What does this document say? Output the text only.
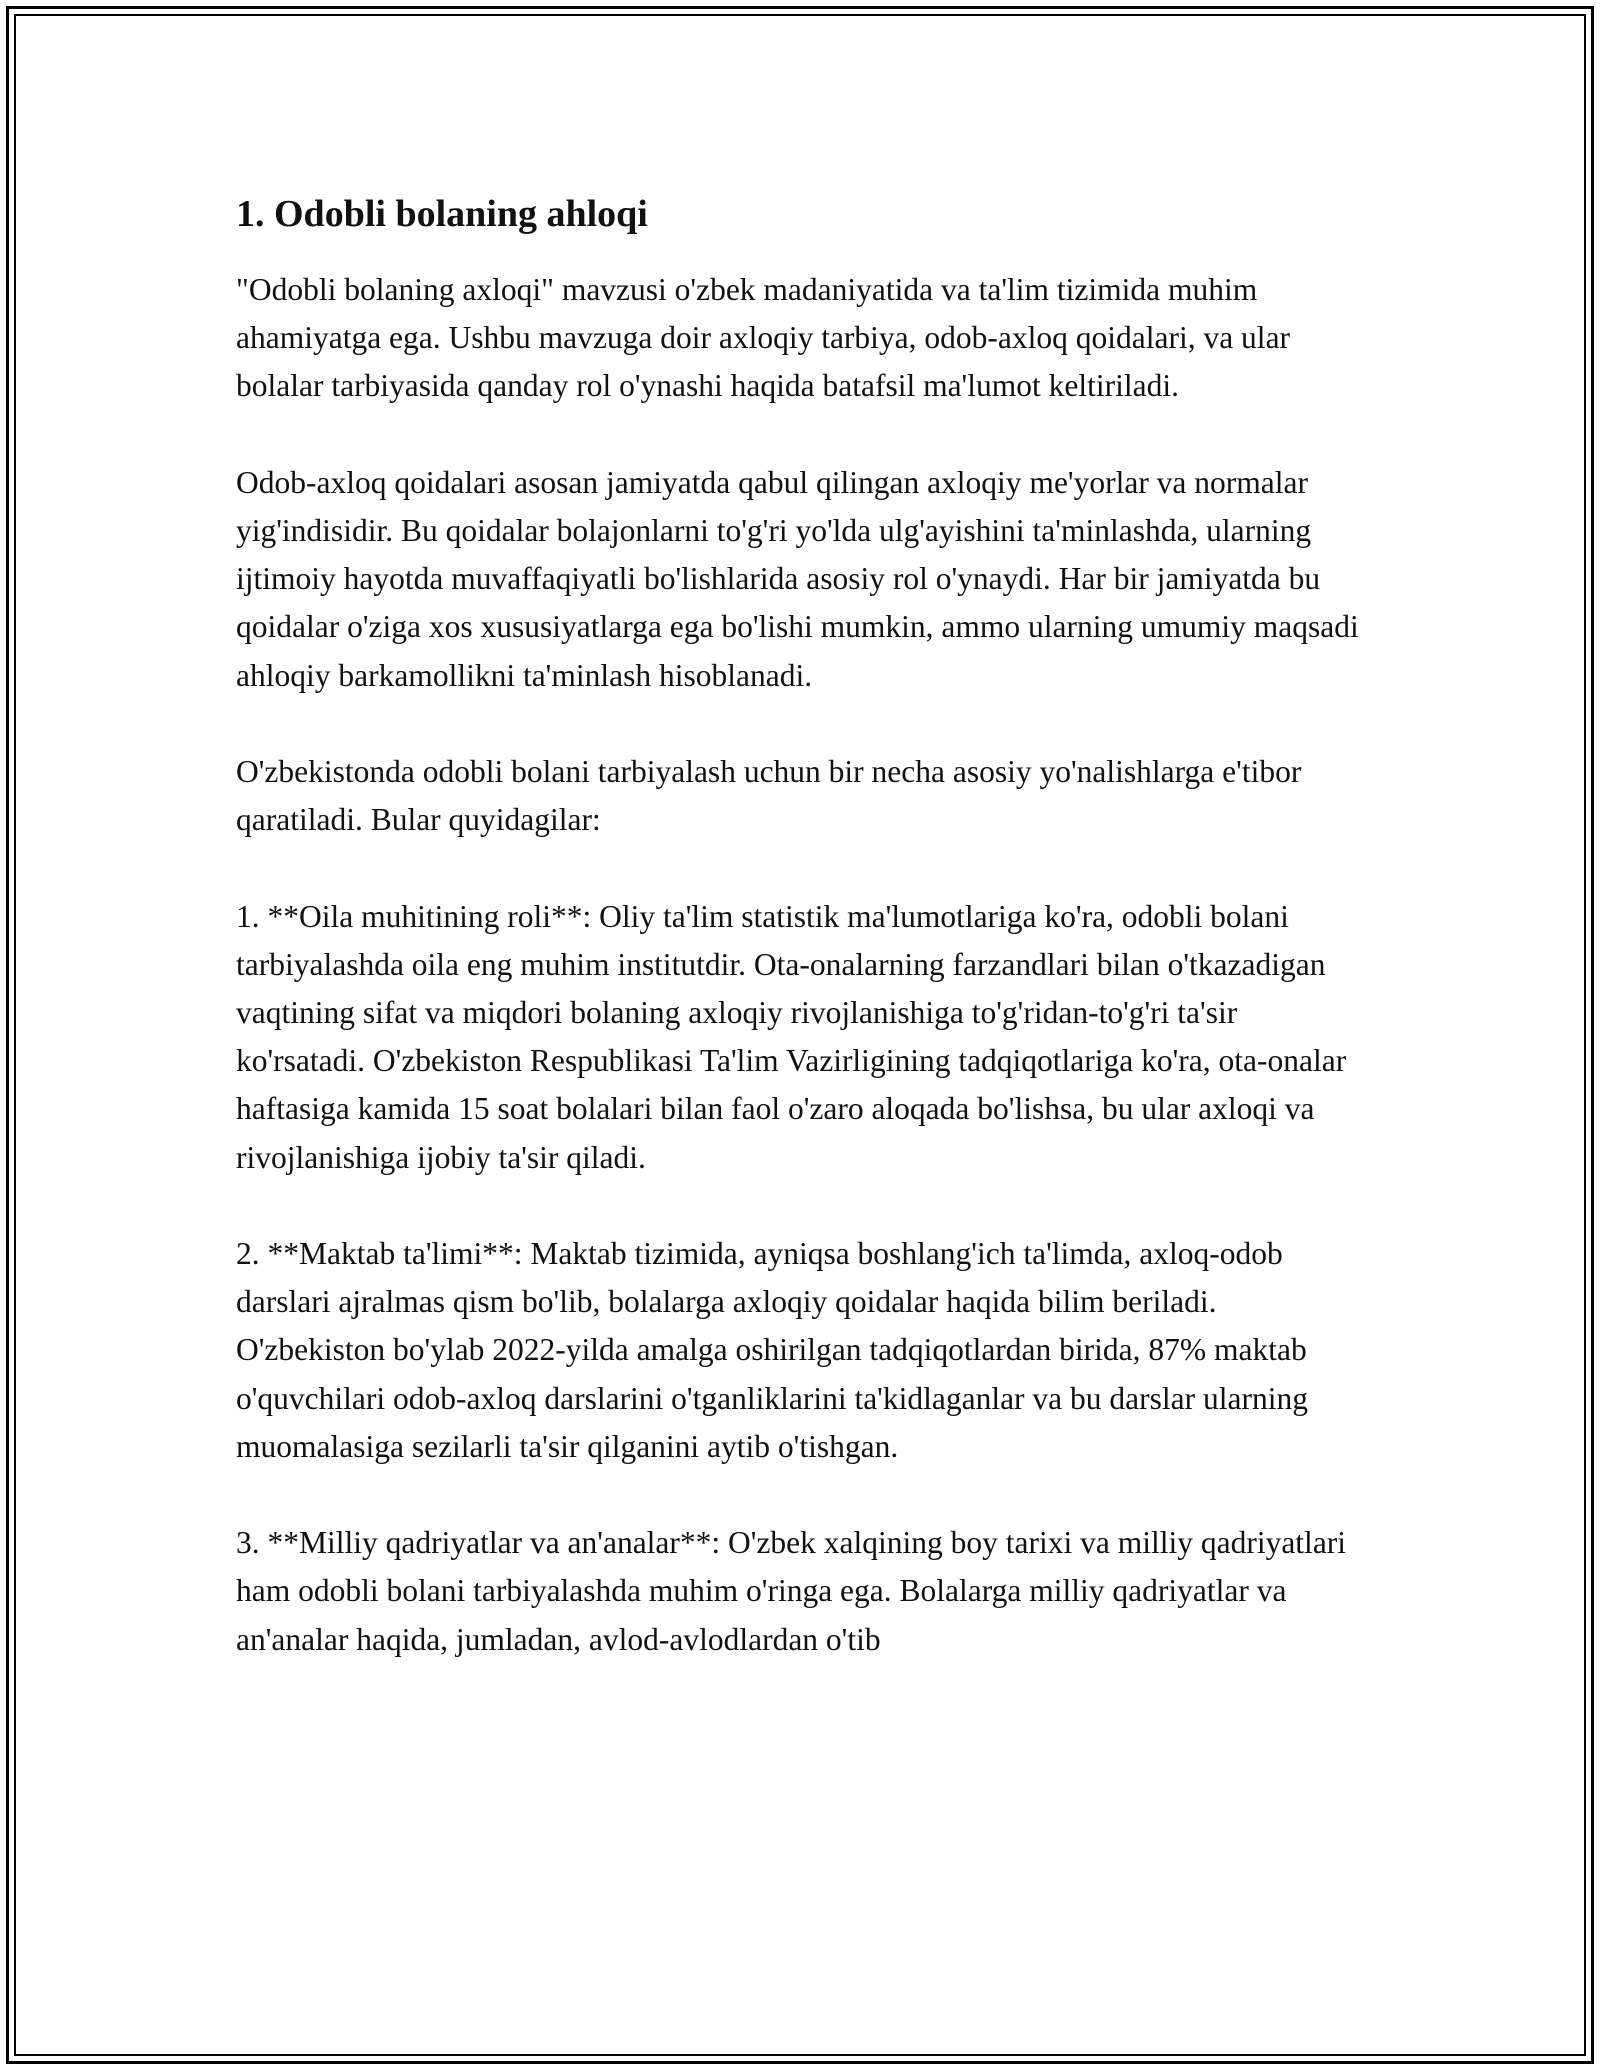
1. Odobli bolaning ahloqi

"Odobli bolaning axloqi" mavzusi o'zbek madaniyatida va ta'lim tizimida muhim ahamiyatga ega. Ushbu mavzuga doir axloqiy tarbiya, odob-axloq qoidalari, va ular bolalar tarbiyasida qanday rol o'ynashi haqida batafsil ma'lumot keltiriladi.

Odob-axloq qoidalari asosan jamiyatda qabul qilingan axloqiy me'yorlar va normalar yig'indisidir. Bu qoidalar bolajonlarni to'g'ri yo'lda ulg'ayishini ta'minlashda, ularning ijtimoiy hayotda muvaffaqiyatli bo'lishlarida asosiy rol o'ynaydi. Har bir jamiyatda bu qoidalar o'ziga xos xususiyatlarga ega bo'lishi mumkin, ammo ularning umumiy maqsadi ahloqiy barkamollikni ta'minlash hisoblanadi.

O'zbekistonda odobli bolani tarbiyalash uchun bir necha asosiy yo'nalishlarga e'tibor qaratiladi. Bular quyidagilar:

1. **Oila muhitining roli**: Oliy ta'lim statistik ma'lumotlariga ko'ra, odobli bolani tarbiyalashda oila eng muhim institutdir. Ota-onalarning farzandlari bilan o'tkazadigan vaqtining sifat va miqdori bolaning axloqiy rivojlanishiga to'g'ridan-to'g'ri ta'sir ko'rsatadi. O'zbekiston Respublikasi Ta'lim Vazirligining tadqiqotlariga ko'ra, ota-onalar haftasiga kamida 15 soat bolalari bilan faol o'zaro aloqada bo'lishsa, bu ular axloqi va rivojlanishiga ijobiy ta'sir qiladi.

2. **Maktab ta'limi**: Maktab tizimida, ayniqsa boshlang'ich ta'limda, axloq-odob darslari ajralmas qism bo'lib, bolalarga axloqiy qoidalar haqida bilim beriladi. O'zbekiston bo'ylab 2022-yilda amalga oshirilgan tadqiqotlardan birida, 87% maktab o'quvchilari odob-axloq darslarini o'tganliklarini ta'kidlaganlar va bu darslar ularning muomalasiga sezilarli ta'sir qilganini aytib o'tishgan.

3. **Milliy qadriyatlar va an'analar**: O'zbek xalqining boy tarixi va milliy qadriyatlari ham odobli bolani tarbiyalashda muhim o'ringa ega. Bolalarga milliy qadriyatlar va an'analar haqida, jumladan, avlod-avlodlardan o'tib
